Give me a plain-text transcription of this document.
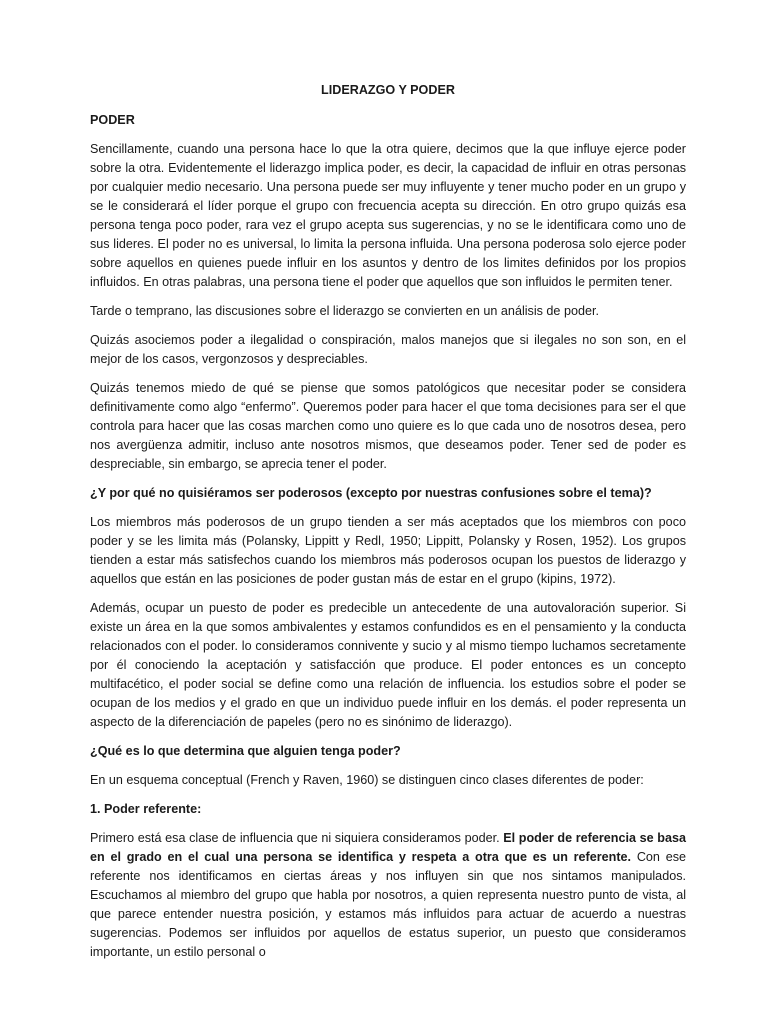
LIDERAZGO Y PODER
PODER

Sencillamente, cuando una persona hace lo que la otra quiere, decimos que la que influye ejerce poder sobre la otra. Evidentemente el liderazgo implica poder, es decir, la capacidad de influir en otras personas por cualquier medio necesario. Una persona puede ser muy influyente y tener mucho poder en un grupo y se le considerará el líder porque el grupo con frecuencia acepta su dirección. En otro grupo quizás esa persona tenga poco poder, rara vez el grupo acepta sus sugerencias, y no se le identificara como uno de sus lideres. El poder no es universal, lo limita la persona influida. Una persona poderosa solo ejerce poder sobre aquellos en quienes puede influir en los asuntos y dentro de los limites definidos por los propios influidos. En otras palabras, una persona tiene el poder que aquellos que son influidos le permiten tener.

Tarde o temprano, las discusiones sobre el liderazgo se convierten en un análisis de poder.

Quizás asociemos poder a ilegalidad o conspiración, malos manejos que si ilegales no son son, en el mejor de los casos, vergonzosos y despreciables.

Quizás tenemos miedo de qué se piense que somos patológicos que necesitar poder se considera definitivamente como algo “enfermo”. Queremos poder para hacer el que toma decisiones para ser el que controla para hacer que las cosas marchen como uno quiere es lo que cada uno de nosotros desea, pero nos avergüenza admitir, incluso ante nosotros mismos, que deseamos poder. Tener sed de poder es despreciable, sin embargo, se aprecia tener el poder.

¿Y por qué no quisiéramos ser poderosos (excepto por nuestras confusiones sobre el tema)?

Los miembros más poderosos de un grupo tienden a ser más aceptados que los miembros con poco poder y se les limita más (Polansky, Lippitt y Redl, 1950; Lippitt, Polansky y Rosen, 1952). Los grupos tienden a estar más satisfechos cuando los miembros más poderosos ocupan los puestos de liderazgo y aquellos que están en las posiciones de poder gustan más de estar en el grupo (kipins, 1972).

Además, ocupar un puesto de poder es predecible un antecedente de una autovaloración superior. Si existe un área en la que somos ambivalentes y estamos confundidos es en el pensamiento y la conducta relacionados con el poder. lo consideramos connivente y sucio y al mismo tiempo luchamos secretamente por él conociendo la aceptación y satisfacción que produce. El poder entonces es un concepto multifacético, el poder social se define como una relación de influencia. los estudios sobre el poder se ocupan de los medios y el grado en que un individuo puede influir en los demás. el poder representa un aspecto de la diferenciación de papeles (pero no es sinónimo de liderazgo).

¿Qué es lo que determina que alguien tenga poder?

En un esquema conceptual (French y Raven, 1960) se distinguen cinco clases diferentes de poder:

1. Poder referente:

Primero está esa clase de influencia que ni siquiera consideramos poder. El poder de referencia se basa en el grado en el cual una persona se identifica y respeta a otra que es un referente. Con ese referente nos identificamos en ciertas áreas y nos influyen sin que nos sintamos manipulados. Escuchamos al miembro del grupo que habla por nosotros, a quien representa nuestro punto de vista, al que parece entender nuestra posición, y estamos más influidos para actuar de acuerdo a nuestras sugerencias. Podemos ser influidos por aquellos de estatus superior, un puesto que consideramos importante, un estilo personal o
